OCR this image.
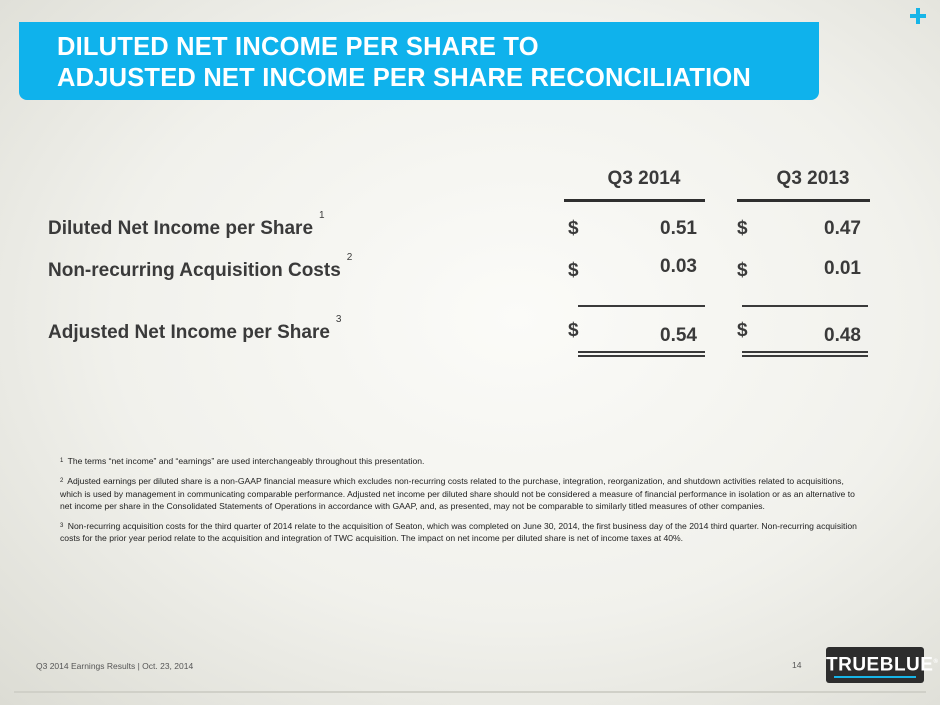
DILUTED NET INCOME PER SHARE TO
ADJUSTED NET INCOME PER SHARE RECONCILIATION
Q3 2014	Q3 2013
Diluted Net Income per Share$^1$
$	0.51 $	0.47
Non-recurring Acquisition Costs$^2$
$	0.03 $	0.01
Adjusted Net Income per Share$^3$
$	0.54 $	0.48

$^1$ The terms “net income” and “earnings” are used interchangeably throughout this presentation.

$^2$ Adjusted earnings per diluted share is a non-GAAP financial measure which excludes non-recurring costs related to the purchase, integration, reorganization, and shutdown activities related to acquisitions, which is used by management in communicating comparable performance. Adjusted net income per diluted share should not be considered a measure of financial performance in isolation or as an alternative to net income per share in the Consolidated Statements of Operations in accordance with GAAP, and, as presented, may not be comparable to similarly titled measures of other companies.

$^3$ Non-recurring acquisition costs for the third quarter of 2014 relate to the acquisition of Seaton, which was completed on June 30, 2014, the first business day of the 2014 third quarter. Non-recurring acquisition costs for the prior year period relate to the acquisition and integration of TWC acquisition. The impact on net income per diluted share is net of income taxes at 40%.

Q3 2014 Earnings Results | Oct. 23, 2014	14 TRUEBLUE®
